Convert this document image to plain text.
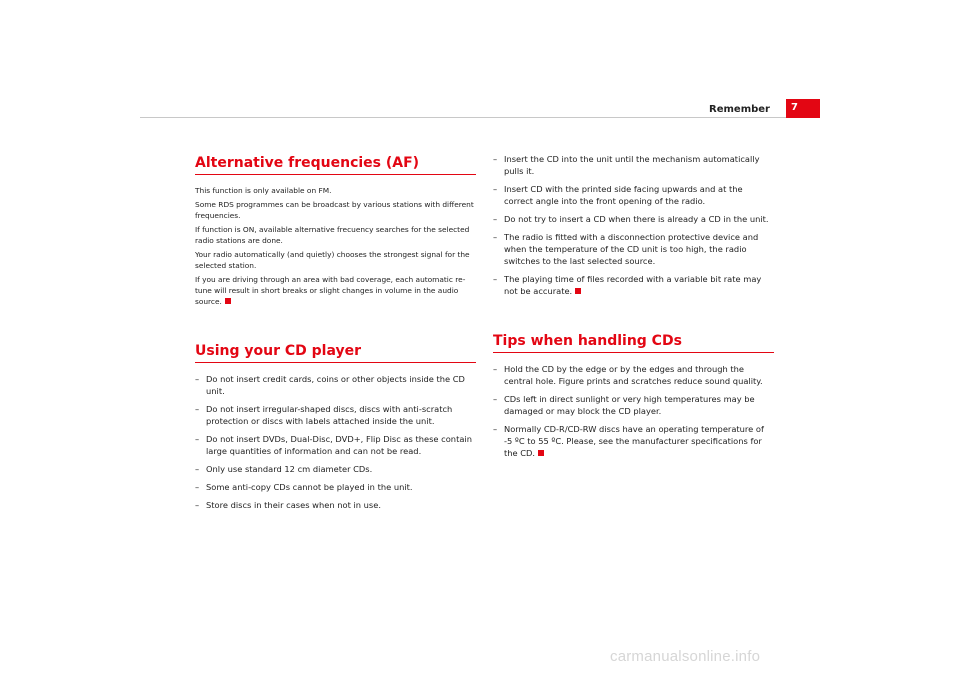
Remember	7
Alternative frequencies (AF)

This function is only available on FM.

Some RDS programmes can be broadcast by various stations with different frequencies.

If function is ON, available alternative frecuency searches for the selected radio stations are done.

Your radio automatically (and quietly) chooses the strongest signal for the selected station.

If you are driving through an area with bad coverage, each automatic re-tune will result in short breaks or slight changes in volume in the audio source.

Using your CD player
– Do not insert credit cards, coins or other objects inside the CD unit.
– Do not insert irregular-shaped discs, discs with anti-scratch protection or discs with labels attached inside the unit.
– Do not insert DVDs, Dual-Disc, DVD+, Flip Disc as these contain large quantities of information and can not be read.
– Only use standard 12 cm diameter CDs.
– Some anti-copy CDs cannot be played in the unit.
– Store discs in their cases when not in use.
– Insert the CD into the unit until the mechanism automatically pulls it.
– Insert CD with the printed side facing upwards and at the correct angle into the front opening of the radio.
– Do not try to insert a CD when there is already a CD in the unit.
– The radio is fitted with a disconnection protective device and when the temperature of the CD unit is too high, the radio switches to the last selected source.
– The playing time of files recorded with a variable bit rate may not be accurate.
Tips when handling CDs
– Hold the CD by the edge or by the edges and through the central hole. Figure prints and scratches reduce sound quality.
– CDs left in direct sunlight or very high temperatures may be damaged or may block the CD player.
– Normally CD-R/CD-RW discs have an operating temperature of -5 ºC to 55 ºC. Please, see the manufacturer specifications for the CD.
carmanualsonline.info
